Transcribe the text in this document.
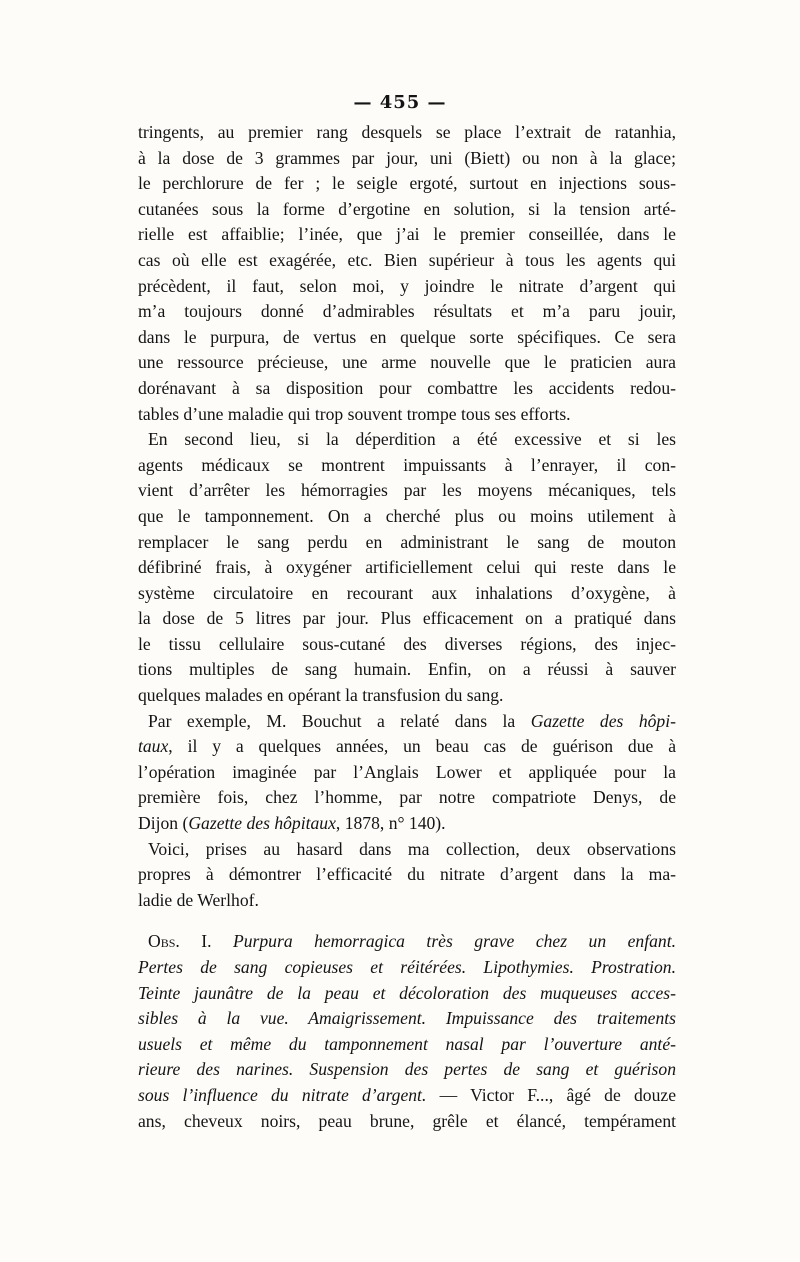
— 455 —

tringents, au premier rang desquels se place l’extrait de ratanhia,

à la dose de 3 grammes par jour, uni (Biett) ou non à la glace;

le perchlorure de fer ; le seigle ergoté, surtout en injections sous-

cutanées sous la forme d’ergotine en solution, si la tension arté-

rielle est affaiblie; l’inée, que j’ai le premier conseillée, dans le

cas où elle est exagérée, etc. Bien supérieur à tous les agents qui

précèdent, il faut, selon moi, y joindre le nitrate d’argent qui

m’a toujours donné d’admirables résultats et m’a paru jouir,

dans le purpura, de vertus en quelque sorte spécifiques. Ce sera

une ressource précieuse, une arme nouvelle que le praticien aura

dorénavant à sa disposition pour combattre les accidents redou-

tables d’une maladie qui trop souvent trompe tous ses efforts.

En second lieu, si la déperdition a été excessive et si les

agents médicaux se montrent impuissants à l’enrayer, il con-

vient d’arrêter les hémorragies par les moyens mécaniques, tels

que le tamponnement. On a cherché plus ou moins utilement à

remplacer le sang perdu en administrant le sang de mouton

défibriné frais, à oxygéner artificiellement celui qui reste dans le

système circulatoire en recourant aux inhalations d’oxygène, à

la dose de 5 litres par jour. Plus efficacement on a pratiqué dans

le tissu cellulaire sous-cutané des diverses régions, des injec-

tions multiples de sang humain. Enfin, on a réussi à sauver

quelques malades en opérant la transfusion du sang.

Par exemple, M. Bouchut a relaté dans la Gazette des hôpi-

taux, il y a quelques années, un beau cas de guérison due à

l’opération imaginée par l’Anglais Lower et appliquée pour la

première fois, chez l’homme, par notre compatriote Denys, de

Dijon (Gazette des hôpitaux, 1878, n° 140).

Voici, prises au hasard dans ma collection, deux observations

propres à démontrer l’efficacité du nitrate d’argent dans la ma-

ladie de Werlhof.

Obs. I. Purpura hemorragica très grave chez un enfant.

Pertes de sang copieuses et réitérées. Lipothymies. Prostration.

Teinte jaunâtre de la peau et décoloration des muqueuses acces-

sibles à la vue. Amaigrissement. Impuissance des traitements

usuels et même du tamponnement nasal par l’ouverture anté-

rieure des narines. Suspension des pertes de sang et guérison

sous l’influence du nitrate d’argent. — Victor F..., âgé de douze

ans, cheveux noirs, peau brune, grêle et élancé, tempérament
